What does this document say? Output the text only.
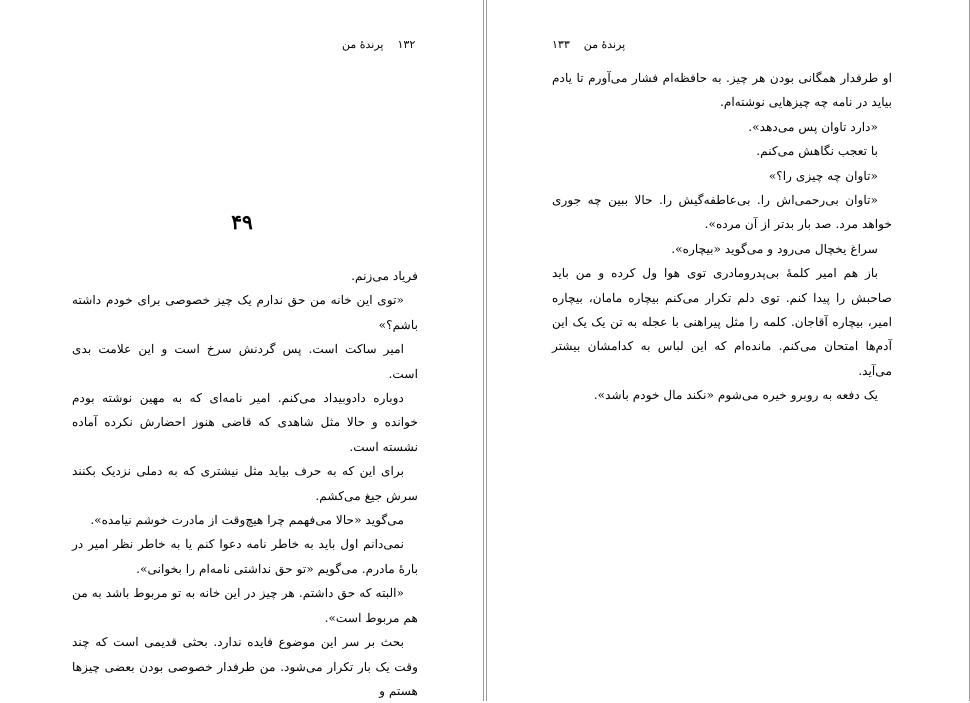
۱۳۲پرندهٔ من
۴۹

فریاد می‌زنم.

«توی این خانه من حق ندارم یک چیز خصوصی برای خودم داشته باشم؟»

امیر ساکت است. پس گردنش سرخ است و این علامت بدی است.

دوباره دادوبیداد می‌کنم. امیر نامه‌ای که به مهین نوشته بودم خوانده و حالا مثل شاهدی که قاضی هنوز احضارش نکرده آماده نشسته است.

برای این که به حرف بیاید مثل نیشتری که به دملی نزدیک بکنند سرش جیغ می‌کشم.

می‌گوید «حالا می‌فهمم چرا هیچ‌وقت از مادرت خوشم نیامده».

نمی‌دانم اول باید به خاطر نامه دعوا کنم یا به خاطر نظر امیر در بارهٔ مادرم. می‌گویم «تو حق نداشتی نامه‌ام را بخوانی».

«البته که حق داشتم. هر چیز در این خانه به تو مربوط باشد به من هم مربوط است».

بحث بر سر این موضوع فایده ندارد. بحثی قدیمی است که چند وقت یک بار تکرار می‌شود. من طرفدار خصوصی بودن بعضی چیزها هستم و

پرندهٔ من۱۳۳

او طرفدار همگانی بودن هر چیز. به حافظه‌ام فشار می‌آورم تا یادم بیاید در نامه چه چیزهایی نوشته‌ام.

«دارد تاوان پس می‌دهد».

با تعجب نگاهش می‌کنم.

«تاوان چه چیزی را؟»

«تاوان بی‌رحمی‌اش را. بی‌عاطفه‌گیش را. حالا ببین چه جوری خواهد مرد. صد بار بدتر از آن مرده».

سراغ یخچال می‌رود و می‌گوید «بیچاره».

باز هم امیر کلمهٔ بی‌پدرومادری توی هوا ول کرده و من باید صاحبش را پیدا کنم. توی دلم تکرار می‌کنم بیچاره مامان، بیچاره امیر، بیچاره آقاجان. کلمه را مثل پیراهنی با عجله به تن یک یک این آدم‌ها امتحان می‌کنم. مانده‌ام که این لباس به کدامشان بیشتر می‌آید.

یک دفعه به روبرو خیره می‌شوم «نکند مال خودم باشد».
